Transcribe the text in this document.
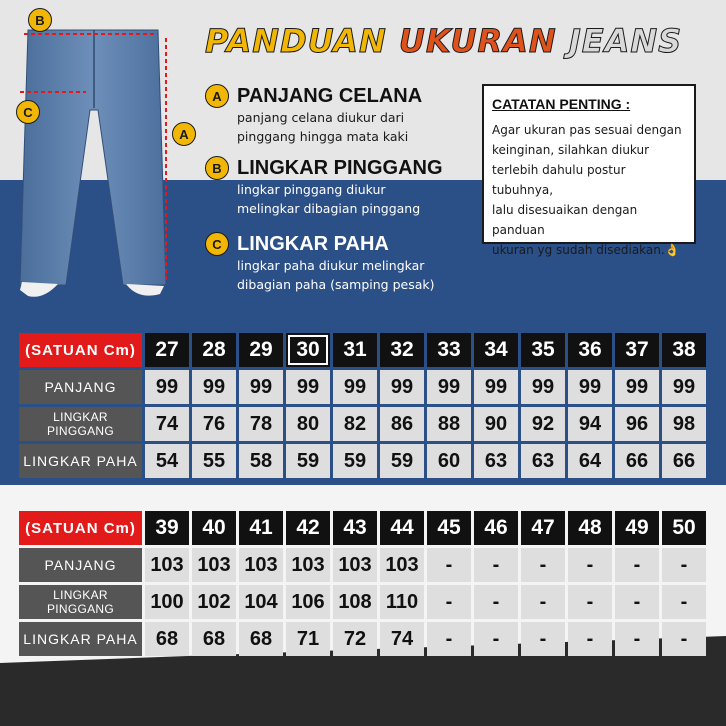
B
C
A
PANDUAN UKURAN JEANS
A PANJANG CELANA
panjang celana diukur dari
pinggang hingga mata kaki
B LINGKAR PINGGANG
lingkar pinggang diukur
melingkar dibagian pinggang
C LINGKAR PAHA
lingkar paha diukur melingkar
dibagian paha (samping pesak)
CATATAN PENTING :
Agar ukuran pas sesuai dengan
keinginan, silahkan diukur
terlebih dahulu postur tubuhnya,
lalu disesuaikan dengan panduan
ukuran yg sudah disediakan.👌
(SATUAN Cm)	27	28	29	30	31	32	33	34	35	36	37	38
PANJANG	99	99	99	99	99	99	99	99	99	99	99	99
LINGKAR PINGGANG	74	76	78	80	82	86	88	90	92	94	96	98
LINGKAR PAHA	54	55	58	59	59	59	60	63	63	64	66	66
(SATUAN Cm)	39	40	41	42	43	44	45	46	47	48	49	50
PANJANG	103	103	103	103	103	103	-	-	-	-	-	-
LINGKAR PINGGANG	100	102	104	106	108	110	-	-	-	-	-	-
LINGKAR PAHA	68	68	68	71	72	74	-	-	-	-	-	-
